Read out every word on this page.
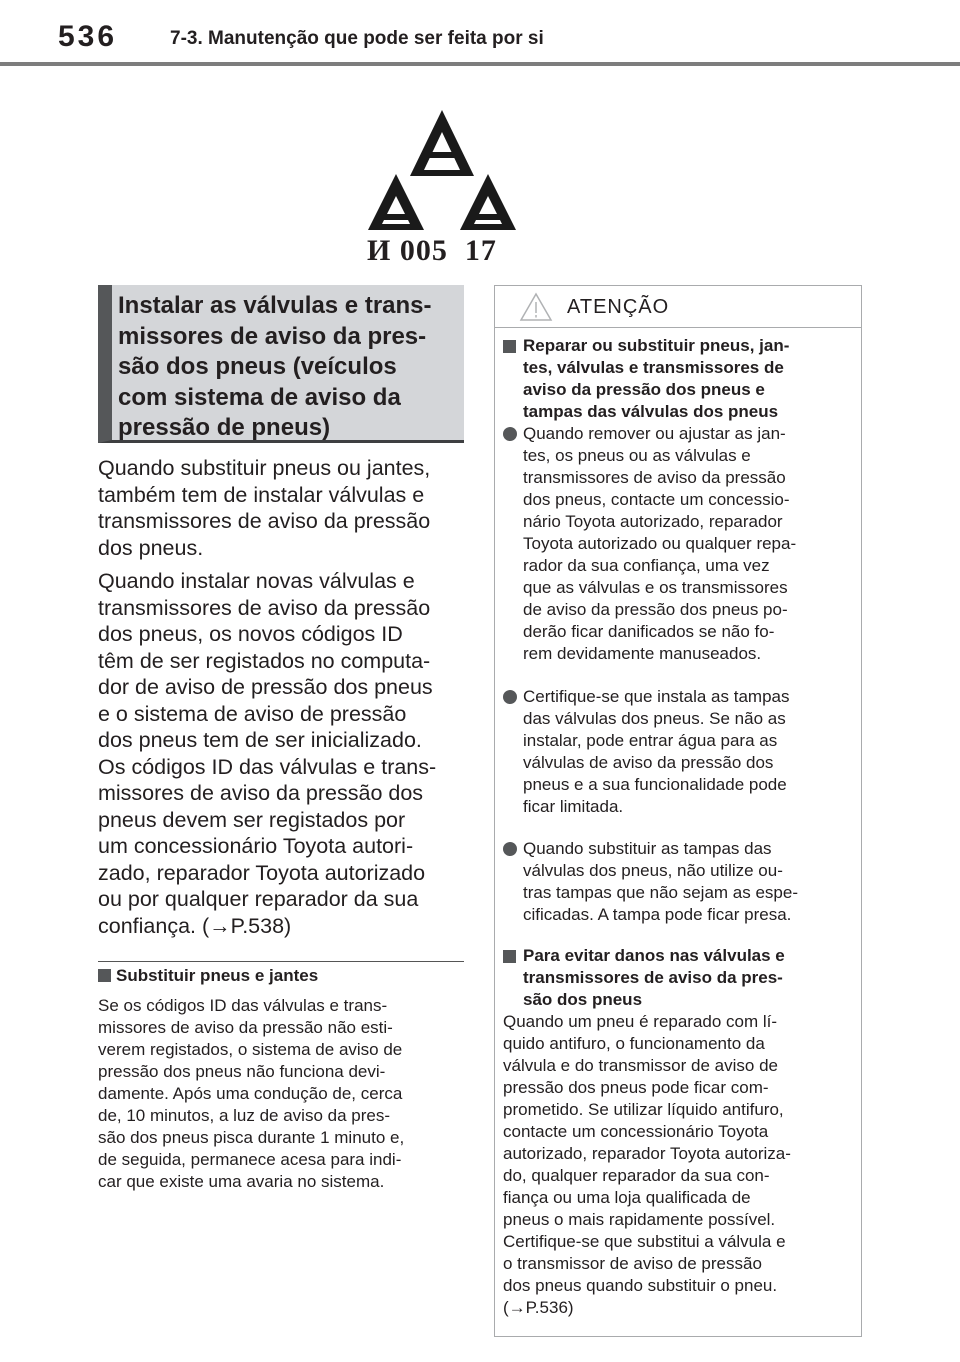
536	7-3. Manutenção que pode ser feita por si
И 005  17
Instalar as válvulas e trans-
missores de aviso da pres-
são dos pneus (veículos
com sistema de aviso da
pressão de pneus)
Quando substituir pneus ou jantes,
também tem de instalar válvulas e
transmissores de aviso da pressão
dos pneus.
Quando instalar novas válvulas e
transmissores de aviso da pressão
dos pneus, os novos códigos ID
têm de ser registados no computa-
dor de aviso de pressão dos pneus
e o sistema de aviso de pressão
dos pneus tem de ser inicializado.
Os códigos ID das válvulas e trans-
missores de aviso da pressão dos
pneus devem ser registados por
um concessionário Toyota autori-
zado, reparador Toyota autorizado
ou por qualquer reparador da sua
confiança. (→P.538)
Substituir pneus e jantes
Se os códigos ID das válvulas e trans-
missores de aviso da pressão não esti-
verem registados, o sistema de aviso de
pressão dos pneus não funciona devi-
damente. Após uma condução de, cerca
de, 10 minutos, a luz de aviso da pres-
são dos pneus pisca durante 1 minuto e,
de seguida, permanece acesa para indi-
car que existe uma avaria no sistema.
ATENÇÃO
Reparar ou substituir pneus, jan-
tes, válvulas e transmissores de
aviso da pressão dos pneus e
tampas das válvulas dos pneus
Quando remover ou ajustar as jan-
tes, os pneus ou as válvulas e
transmissores de aviso da pressão
dos pneus, contacte um concessio-
nário Toyota autorizado, reparador
Toyota autorizado ou qualquer repa-
rador da sua confiança, uma vez
que as válvulas e os transmissores
de aviso da pressão dos pneus po-
derão ficar danificados se não fo-
rem devidamente manuseados.
Certifique-se que instala as tampas
das válvulas dos pneus. Se não as
instalar, pode entrar água para as
válvulas de aviso da pressão dos
pneus e a sua funcionalidade pode
ficar limitada.
Quando substituir as tampas das
válvulas dos pneus, não utilize ou-
tras tampas que não sejam as espe-
cificadas. A tampa pode ficar presa.
Para evitar danos nas válvulas e
transmissores de aviso da pres-
são dos pneus
Quando um pneu é reparado com lí-
quido antifuro, o funcionamento da
válvula e do transmissor de aviso de
pressão dos pneus pode ficar com-
prometido. Se utilizar líquido antifuro,
contacte um concessionário Toyota
autorizado, reparador Toyota autoriza-
do, qualquer reparador da sua con-
fiança ou uma loja qualificada de
pneus o mais rapidamente possível.
Certifique-se que substitui a válvula e
o transmissor de aviso de pressão
dos pneus quando substituir o pneu.
(→P.536)
